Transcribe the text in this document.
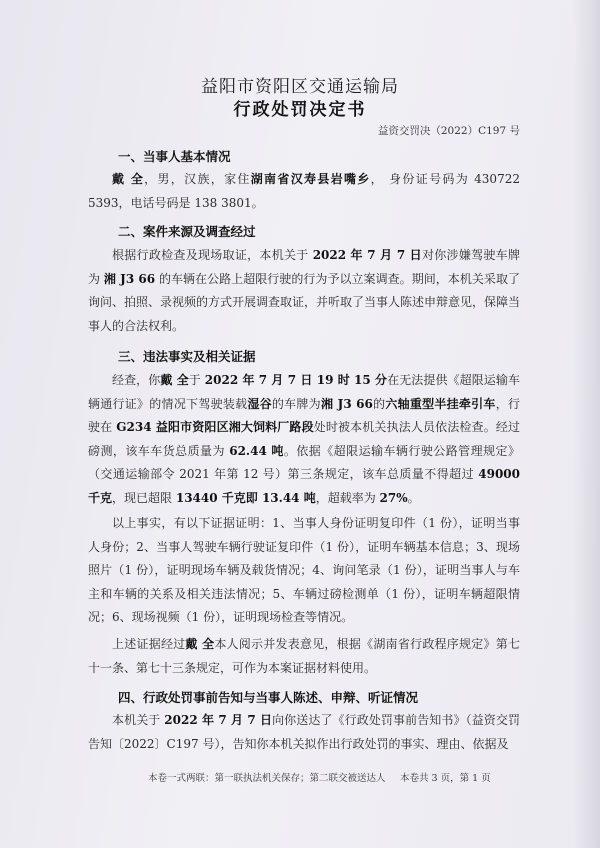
益阳市资阳区交通运输局
行政处罚决定书
益资交罚决（2022）C197 号
一、当事人基本情况
戴 全，男，汉族，家住湖南省汉寿县岩嘴乡， 身份证号码为 430722 5393，电话号码是 138 3801。
二、案件来源及调查经过
根据行政检查及现场取证，本机关于 2022 年 7 月 7 日对你涉嫌驾驶车牌为 湘 J3 66 的车辆在公路上超限行驶的行为予以立案调查。期间，本机关采取了询问、拍照、录视频的方式开展调查取证，并听取了当事人陈述申辩意见，保障当事人的合法权利。
三、违法事实及相关证据
经查，你戴 全于 2022 年 7 月 7 日 19 时 15 分在无法提供《超限运输车辆通行证》的情况下驾驶装载湿谷的车牌为湘 J3 66的六轴重型半挂牵引车，行驶在 G234 益阳市资阳区湘大饲料厂路段处时被本机关执法人员依法检查。经过磅测，该车车货总质量为 62.44 吨。依据《超限运输车辆行驶公路管理规定》（交通运输部令 2021 年第 12 号）第三条规定，该车总质量不得超过 49000 千克，现已超限 13440 千克即 13.44 吨，超载率为 27%。
以上事实，有以下证据证明：1、当事人身份证明复印件（1 份），证明当事人身份；2、当事人驾驶车辆行驶证复印件（1 份），证明车辆基本信息；3、现场照片（1 份），证明现场车辆及载货情况；4、询问笔录（1 份），证明当事人与车主和车辆的关系及相关违法情况；5、车辆过磅检测单（1 份），证明车辆超限情况；6、现场视频（1 份），证明现场检查等情况。
上述证据经过戴 全本人阅示并发表意见，根据《湖南省行政程序规定》第七十一条、第七十三条规定，可作为本案证据材料使用。
四、行政处罚事前告知与当事人陈述、申辩、听证情况
本机关于 2022 年 7 月 7 日向你送达了《行政处罚事前告知书》（益资交罚告知〔2022〕C197 号），告知你本机关拟作出行政处罚的事实、理由、依据及
本卷一式两联：第一联执法机关保存；第二联交被送达人 本卷共 3 页，第 1 页
